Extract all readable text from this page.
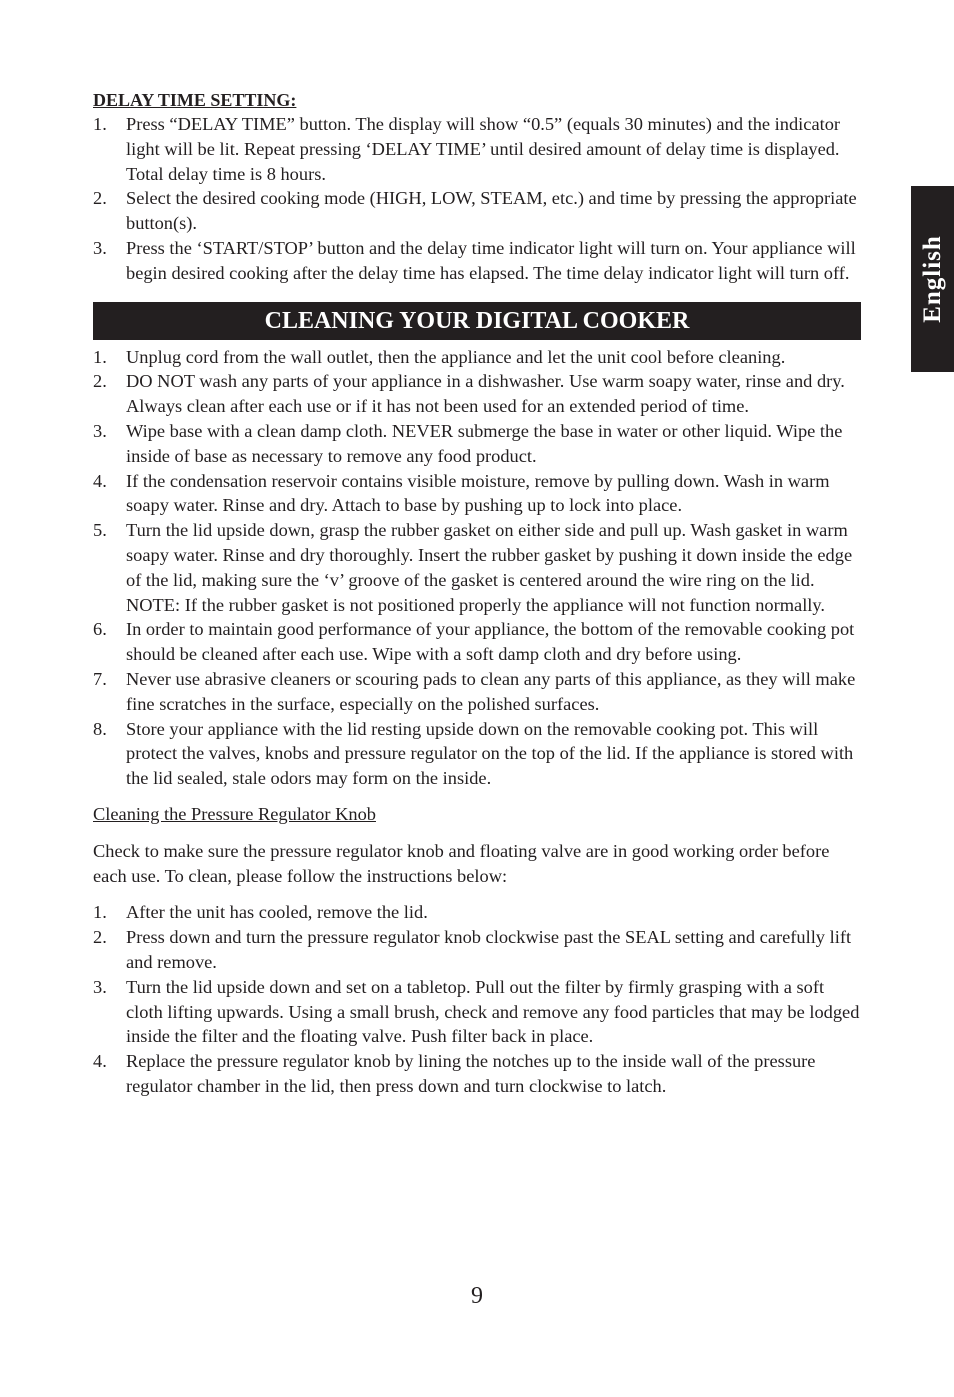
DELAY TIME SETTING:
1. Press “DELAY TIME” button. The display will show “0.5” (equals 30 minutes) and the indicator light will be lit. Repeat pressing ‘DELAY TIME’ until desired amount of delay time is displayed. Total delay time is 8 hours.
2. Select the desired cooking mode (HIGH, LOW, STEAM, etc.) and time by pressing the appropriate button(s).
3. Press the ‘START/STOP’ button and the delay time indicator light will turn on. Your appliance will begin desired cooking after the delay time has elapsed. The time delay indicator light will turn off.
CLEANING YOUR DIGITAL COOKER
1. Unplug cord from the wall outlet, then the appliance and let the unit cool before cleaning.
2. DO NOT wash any parts of your appliance in a dishwasher. Use warm soapy water, rinse and dry. Always clean after each use or if it has not been used for an extended period of time.
3. Wipe base with a clean damp cloth. NEVER submerge the base in water or other liquid. Wipe the inside of base as necessary to remove any food product.
4. If the condensation reservoir contains visible moisture, remove by pulling down. Wash in warm soapy water. Rinse and dry. Attach to base by pushing up to lock into place.
5. Turn the lid upside down, grasp the rubber gasket on either side and pull up. Wash gasket in warm soapy water. Rinse and dry thoroughly. Insert the rubber gasket by pushing it down inside the edge of the lid, making sure the ‘v’ groove of the gasket is centered around the wire ring on the lid. NOTE: If the rubber gasket is not positioned properly the appliance will not function normally.
6. In order to maintain good performance of your appliance, the bottom of the removable cooking pot should be cleaned after each use. Wipe with a soft damp cloth and dry before using.
7. Never use abrasive cleaners or scouring pads to clean any parts of this appliance, as they will make fine scratches in the surface, especially on the polished surfaces.
8. Store your appliance with the lid resting upside down on the removable cooking pot. This will protect the valves, knobs and pressure regulator on the top of the lid. If the appliance is stored with the lid sealed, stale odors may form on the inside.

Cleaning the Pressure Regulator Knob

Check to make sure the pressure regulator knob and floating valve are in good working order before each use. To clean, please follow the instructions below:

1. After the unit has cooled, remove the lid.
2. Press down and turn the pressure regulator knob clockwise past the SEAL setting and carefully lift and remove.
3. Turn the lid upside down and set on a tabletop. Pull out the filter by firmly grasping with a soft cloth lifting upwards. Using a small brush, check and remove any food particles that may be lodged inside the filter and the floating valve. Push filter back in place.
4. Replace the pressure regulator knob by lining the notches up to the inside wall of the pressure regulator chamber in the lid, then press down and turn clockwise to latch.
9
English
